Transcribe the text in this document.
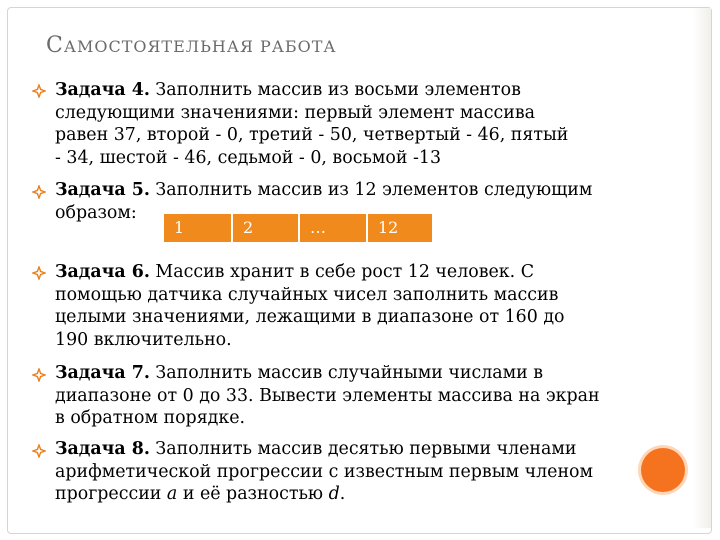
САМОСТОЯТЕЛЬНАЯ РАБОТА
Задача 4. Заполнить массив из восьми элементов
следующими значениями: первый элемент массива
равен 37, второй - 0, третий - 50, четвертый - 46, пятый
- 34, шестой - 46, седьмой - 0, восьмой -13
Задача 5. Заполнить массив из 12 элементов следующим
образом:
1	2	…	12
Задача 6. Массив хранит в себе рост 12 человек. С
помощью датчика случайных чисел заполнить массив
целыми значениями, лежащими в диапазоне от 160 до
190 включительно.
Задача 7. Заполнить массив случайными числами в
диапазоне от 0 до 33. Вывести элементы массива на экран
в обратном порядке.
Задача 8. Заполнить массив десятью первыми членами
арифметической прогрессии с известным первым членом
прогрессии a и её разностью d.
